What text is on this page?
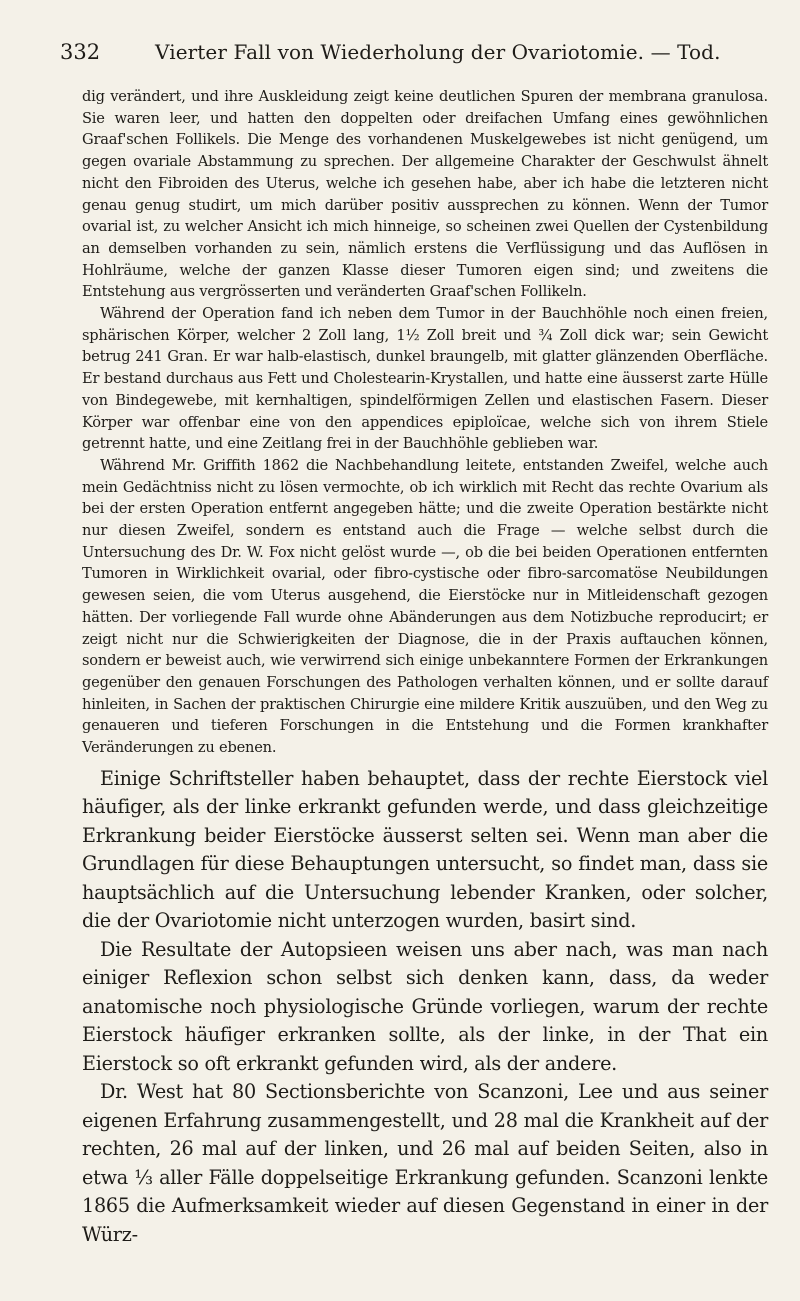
332	Vierter Fall von Wiederholung der Ovariotomie. — Tod.

dig verändert, und ihre Auskleidung zeigt keine deutlichen Spuren der membrana granulosa. Sie waren leer, und hatten den doppelten oder dreifachen Umfang eines gewöhnlichen Graaf'schen Follikels. Die Menge des vorhandenen Muskelgewebes ist nicht genügend, um gegen ovariale Abstammung zu sprechen. Der allgemeine Charakter der Geschwulst ähnelt nicht den Fibroiden des Uterus, welche ich gesehen habe, aber ich habe die letzteren nicht genau genug studirt, um mich darüber positiv aussprechen zu können. Wenn der Tumor ovarial ist, zu welcher Ansicht ich mich hinneige, so scheinen zwei Quellen der Cystenbildung an demselben vorhanden zu sein, nämlich erstens die Verflüssigung und das Auflösen in Hohlräume, welche der ganzen Klasse dieser Tumoren eigen sind; und zweitens die Entstehung aus vergrösserten und veränderten Graaf'schen Follikeln.

Während der Operation fand ich neben dem Tumor in der Bauchhöhle noch einen freien, sphärischen Körper, welcher 2 Zoll lang, 1½ Zoll breit und ¾ Zoll dick war; sein Gewicht betrug 241 Gran. Er war halb-elastisch, dunkel braungelb, mit glatter glänzenden Oberfläche. Er bestand durchaus aus Fett und Cholestearin-Krystallen, und hatte eine äusserst zarte Hülle von Bindegewebe, mit kernhaltigen, spindelförmigen Zellen und elastischen Fasern. Dieser Körper war offenbar eine von den appendices epiploïcae, welche sich von ihrem Stiele getrennt hatte, und eine Zeitlang frei in der Bauchhöhle geblieben war.

Während Mr. Griffith 1862 die Nachbehandlung leitete, entstanden Zweifel, welche auch mein Gedächtniss nicht zu lösen vermochte, ob ich wirklich mit Recht das rechte Ovarium als bei der ersten Operation entfernt angegeben hätte; und die zweite Operation bestärkte nicht nur diesen Zweifel, sondern es entstand auch die Frage — welche selbst durch die Untersuchung des Dr. W. Fox nicht gelöst wurde —, ob die bei beiden Operationen entfernten Tumoren in Wirklichkeit ovarial, oder fibro-cystische oder fibro-sarcomatöse Neubildungen gewesen seien, die vom Uterus ausgehend, die Eierstöcke nur in Mitleidenschaft gezogen hätten. Der vorliegende Fall wurde ohne Abänderungen aus dem Notizbuche reproducirt; er zeigt nicht nur die Schwierigkeiten der Diagnose, die in der Praxis auftauchen können, sondern er beweist auch, wie verwirrend sich einige unbekanntere Formen der Erkrankungen gegenüber den genauen Forschungen des Pathologen verhalten können, und er sollte darauf hinleiten, in Sachen der praktischen Chirurgie eine mildere Kritik auszuüben, und den Weg zu genaueren und tieferen Forschungen in die Entstehung und die Formen krankhafter Veränderungen zu ebenen.

Einige Schriftsteller haben behauptet, dass der rechte Eierstock viel häufiger, als der linke erkrankt gefunden werde, und dass gleichzeitige Erkrankung beider Eierstöcke äusserst selten sei. Wenn man aber die Grundlagen für diese Behauptungen untersucht, so findet man, dass sie hauptsächlich auf die Untersuchung lebender Kranken, oder solcher, die der Ovariotomie nicht unterzogen wurden, basirt sind.

Die Resultate der Autopsieen weisen uns aber nach, was man nach einiger Reflexion schon selbst sich denken kann, dass, da weder anatomische noch physiologische Gründe vorliegen, warum der rechte Eierstock häufiger erkranken sollte, als der linke, in der That ein Eierstock so oft erkrankt gefunden wird, als der andere.

Dr. West hat 80 Sectionsberichte von Scanzoni, Lee und aus seiner eigenen Erfahrung zusammengestellt, und 28 mal die Krankheit auf der rechten, 26 mal auf der linken, und 26 mal auf beiden Seiten, also in etwa ⅓ aller Fälle doppelseitige Erkrankung gefunden. Scanzoni lenkte 1865 die Aufmerksamkeit wieder auf diesen Gegenstand in einer in der Würz-
